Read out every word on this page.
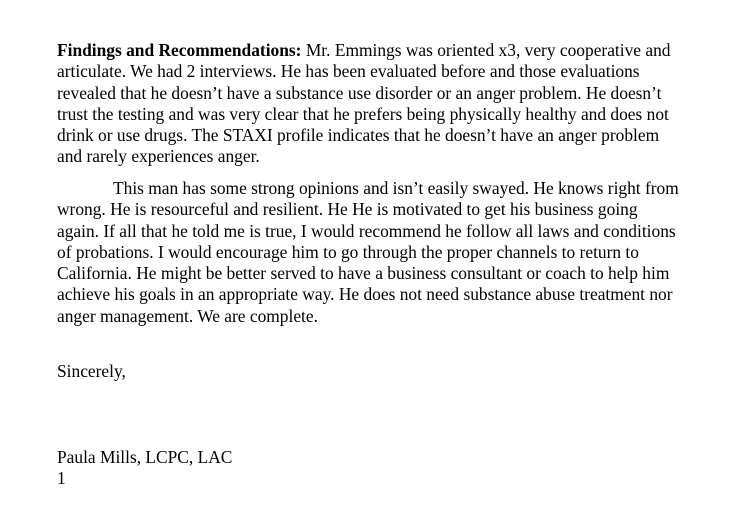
Findings and Recommendations: Mr. Emmings was oriented x3, very cooperative and
articulate. We had 2 interviews. He has been evaluated before and those evaluations
revealed that he doesn’t have a substance use disorder or an anger problem. He doesn’t
trust the testing and was very clear that he prefers being physically healthy and does not
drink or use drugs. The STAXI profile indicates that he doesn’t have an anger problem
and rarely experiences anger.

This man has some strong opinions and isn’t easily swayed. He knows right from
wrong. He is resourceful and resilient. He He is motivated to get his business going
again. If all that he told me is true, I would recommend he follow all laws and conditions
of probations. I would encourage him to go through the proper channels to return to
California. He might be better served to have a business consultant or coach to help him
achieve his goals in an appropriate way. He does not need substance abuse treatment nor
anger management. We are complete.

Sincerely,

Paula Mills, LCPC, LAC

1
